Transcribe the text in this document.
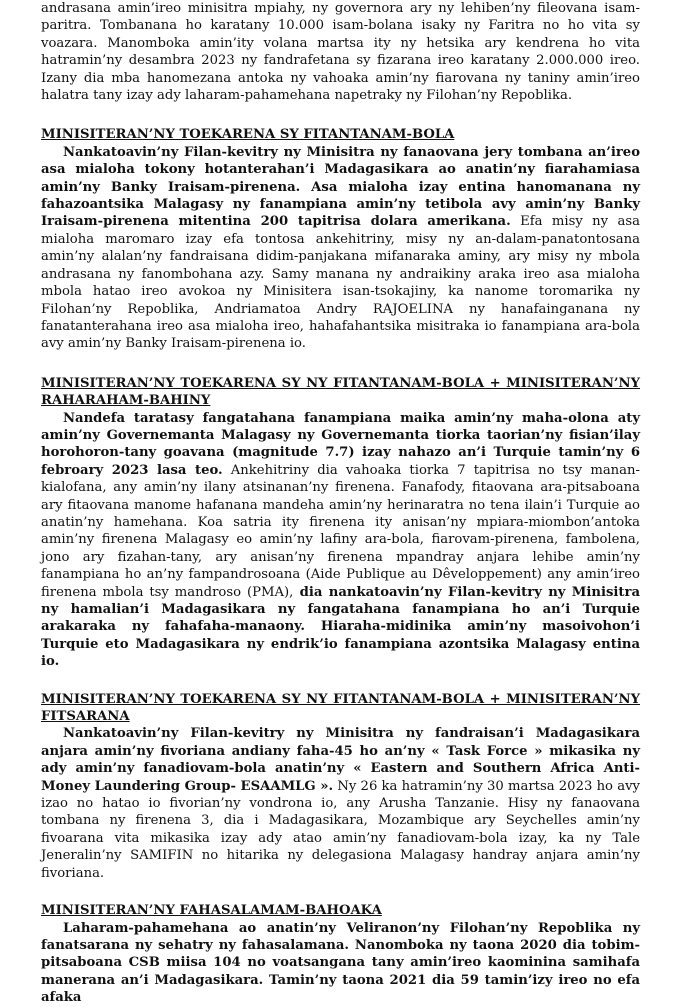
andrasana amin’ireo minisitra mpiahy, ny governora ary ny lehiben’ny fileovana isam-paritra. Tombanana ho karatany 10.000 isam-bolana isaky ny Faritra no ho vita sy voazara. Manomboka amin’ity volana martsa ity ny hetsika ary kendrena ho vita hatramin’ny desambra 2023 ny fandrafetana sy fizarana ireo karatany 2.000.000 ireo. Izany dia mba hanomezana antoka ny vahoaka amin’ny fiarovana ny taniny amin’ireo halatra tany izay ady laharam-pahamehana napetraky ny Filohan’ny Repoblika.

MINISITERAN’NY TOEKARENA SY FITANTANAM-BOLA

Nankatoavin’ny Filan-kevitry ny Minisitra ny fanaovana jery tombana an’ireo asa mialoha tokony hotanterahan’i Madagasikara ao anatin’ny fiarahamiasa amin’ny Banky Iraisam-pirenena. Asa mialoha izay entina hanomanana ny fahazoantsika Malagasy ny fanampiana amin’ny tetibola avy amin’ny Banky Iraisam-pirenena mitentina 200 tapitrisa dolara amerikana. Efa misy ny asa mialoha maromaro izay efa tontosa ankehitriny, misy ny an-dalam-panatontosana amin’ny alalan’ny fandraisana didim-panjakana mifanaraka aminy, ary misy ny mbola andrasana ny fanombohana azy. Samy manana ny andraikiny araka ireo asa mialoha mbola hatao ireo avokoa ny Minisitera isan-tsokajiny, ka nanome toromarika ny Filohan’ny Repoblika, Andriamatoa Andry RAJOELINA ny hanafainganana ny fanatanterahana ireo asa mialoha ireo, hahafahantsika misitraka io fanampiana ara-bola avy amin’ny Banky Iraisam-pirenena io.

MINISITERAN’NY TOEKARENA SY NY FITANTANAM-BOLA + MINISITERAN’NY RAHARAHAM-BAHINY

Nandefa taratasy fangatahana fanampiana maika amin’ny maha-olona aty amin’ny Governemanta Malagasy ny Governemanta tiorka taorian’ny fisian’ilay horohoron-tany goavana (magnitude 7.7) izay nahazo an’i Turquie tamin’ny 6 febroary 2023 lasa teo. Ankehitriny dia vahoaka tiorka 7 tapitrisa no tsy manan-kialofana, any amin’ny ilany atsinanan’ny firenena. Fanafody, fitaovana ara-pitsaboana ary fitaovana manome hafanana mandeha amin’ny herinaratra no tena ilain’i Turquie ao anatin’ny hamehana. Koa satria ity firenena ity anisan’ny mpiara-miombon’antoka amin’ny firenena Malagasy eo amin’ny lafiny ara-bola, fiarovam-pirenena, fambolena, jono ary fizahan-tany, ary anisan’ny firenena mpandray anjara lehibe amin’ny fanampiana ho an’ny fampandrosoana (Aide Publique au Dêveloppement) any amin’ireo firenena mbola tsy mandroso (PMA), dia nankatoavin’ny Filan-kevitry ny Minisitra ny hamalian’i Madagasikara ny fangatahana fanampiana ho an’i Turquie arakaraka ny fahafaha-manaony. Hiaraha-midinika amin’ny masoivohon’i Turquie eto Madagasikara ny endrik’io fanampiana azontsika Malagasy entina io.

MINISITERAN’NY TOEKARENA SY NY FITANTANAM-BOLA + MINISITERAN’NY FITSARANA

Nankatoavin’ny Filan-kevitry ny Minisitra ny fandraisan’i Madagasikara anjara amin’ny fivoriana andiany faha-45 ho an’ny « Task Force » mikasika ny ady amin’ny fanadiovam-bola anatin’ny « Eastern and Southern Africa Anti-Money Laundering Group- ESAAMLG ». Ny 26 ka hatramin’ny 30 martsa 2023 ho avy izao no hatao io fivorian’ny vondrona io, any Arusha Tanzanie. Hisy ny fanaovana tombana ny firenena 3, dia i Madagasikara, Mozambique ary Seychelles amin’ny fivoarana vita mikasika izay ady atao amin’ny fanadiovam-bola izay, ka ny Tale Jeneralin’ny SAMIFIN no hitarika ny delegasiona Malagasy handray anjara amin’ny fivoriana.

MINISITERAN’NY FAHASALAMAM-BAHOAKA

Laharam-pahamehana ao anatin’ny Veliranon’ny Filohan’ny Repoblika ny fanatsarana ny sehatry ny fahasalamana. Nanomboka ny taona 2020 dia tobim-pitsaboana CSB miisa 104 no voatsangana tany amin’ireo kaominina samihafa manerana an’i Madagasikara. Tamin’ny taona 2021 dia 59 tamin’izy ireo no efa afaka
